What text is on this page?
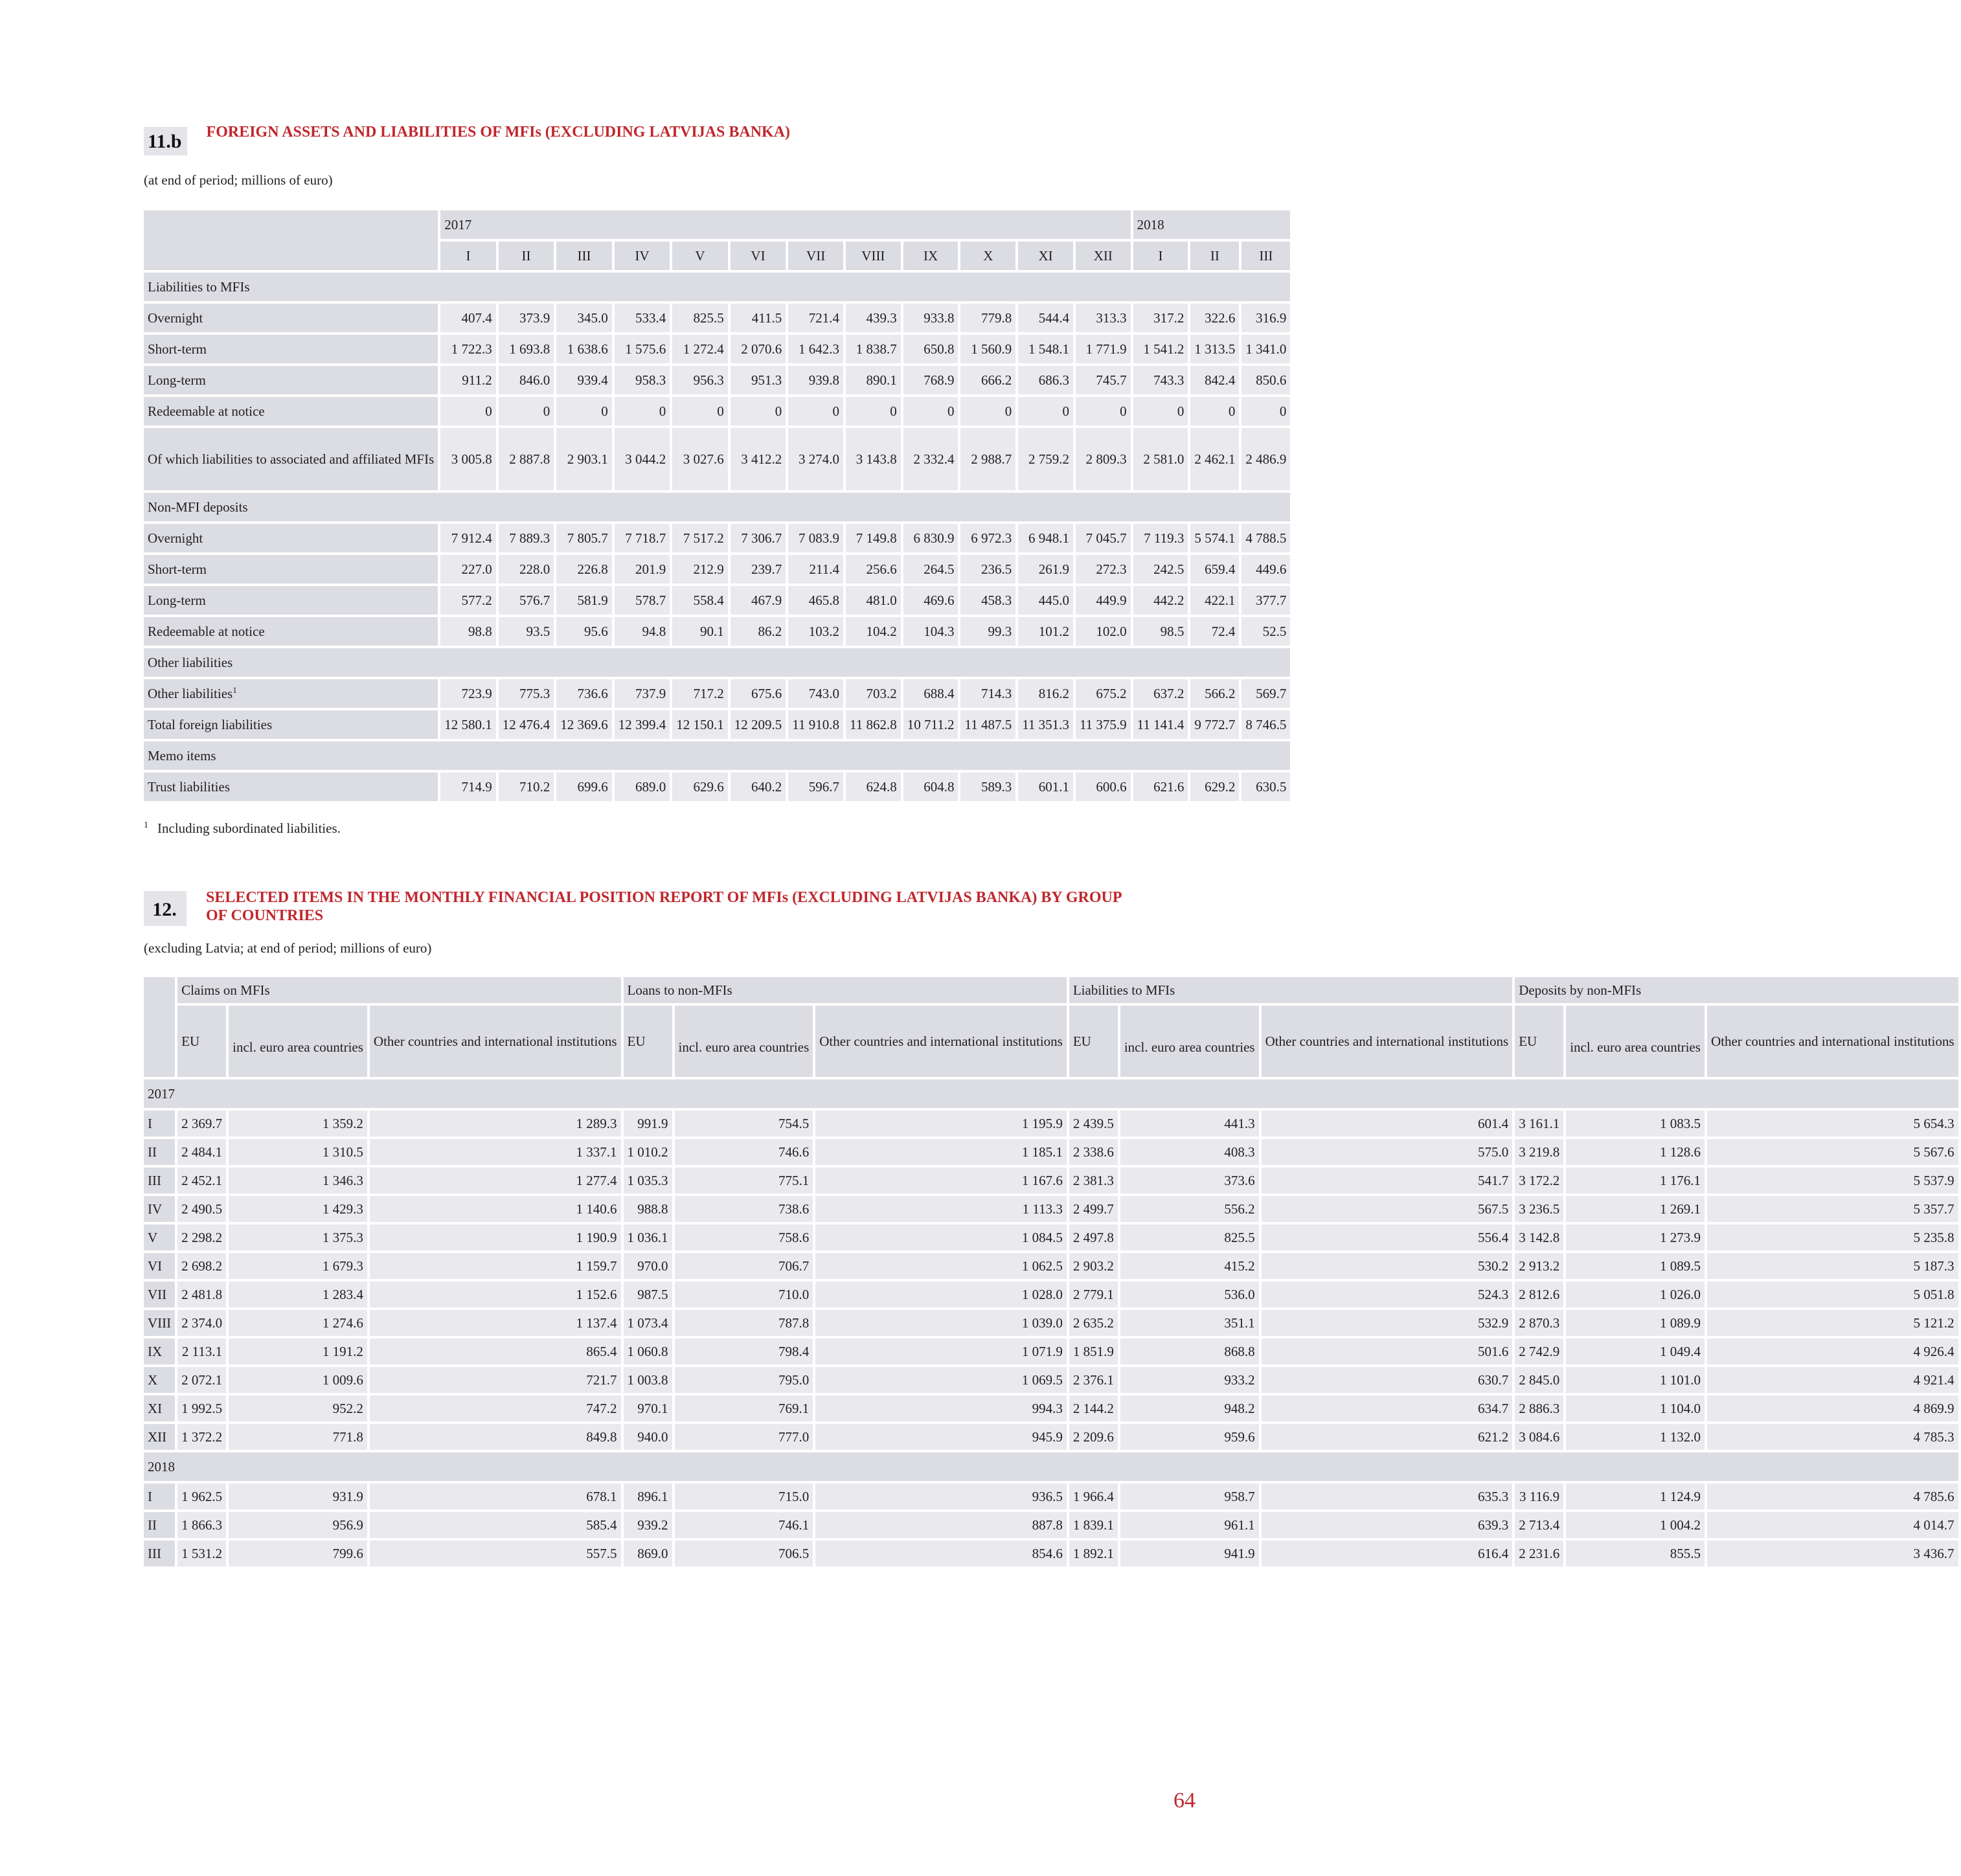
11.b	FOREIGN ASSETS AND LIABILITIES OF MFIs (EXCLUDING LATVIJAS BANKA)
(at end of period; millions of euro)
	2017												2018		
	I	II	III	IV	V	VI	VII	VIII	IX	X	XI	XII	I	II	III
Liabilities to MFIs															
Overnight	407.4	373.9	345.0	533.4	825.5	411.5	721.4	439.3	933.8	779.8	544.4	313.3	317.2	322.6	316.9
Short-term	1 722.3	1 693.8	1 638.6	1 575.6	1 272.4	2 070.6	1 642.3	1 838.7	650.8	1 560.9	1 548.1	1 771.9	1 541.2	1 313.5	1 341.0
Long-term	911.2	846.0	939.4	958.3	956.3	951.3	939.8	890.1	768.9	666.2	686.3	745.7	743.3	842.4	850.6
Redeemable at notice	0	0	0	0	0	0	0	0	0	0	0	0	0	0	0
Of which liabilities to associated and affiliated MFIs	3 005.8	2 887.8	2 903.1	3 044.2	3 027.6	3 412.2	3 274.0	3 143.8	2 332.4	2 988.7	2 759.2	2 809.3	2 581.0	2 462.1	2 486.9
Non-MFI deposits															
Overnight	7 912.4	7 889.3	7 805.7	7 718.7	7 517.2	7 306.7	7 083.9	7 149.8	6 830.9	6 972.3	6 948.1	7 045.7	7 119.3	5 574.1	4 788.5
Short-term	227.0	228.0	226.8	201.9	212.9	239.7	211.4	256.6	264.5	236.5	261.9	272.3	242.5	659.4	449.6
Long-term	577.2	576.7	581.9	578.7	558.4	467.9	465.8	481.0	469.6	458.3	445.0	449.9	442.2	422.1	377.7
Redeemable at notice	98.8	93.5	95.6	94.8	90.1	86.2	103.2	104.2	104.3	99.3	101.2	102.0	98.5	72.4	52.5
Other liabilities															
Other liabilities$^1$	723.9	775.3	736.6	737.9	717.2	675.6	743.0	703.2	688.4	714.3	816.2	675.2	637.2	566.2	569.7
Total foreign liabilities	12 580.1	12 476.4	12 369.6	12 399.4	12 150.1	12 209.5	11 910.8	11 862.8	10 711.2	11 487.5	11 351.3	11 375.9	11 141.4	9 772.7	8 746.5
Memo items															
Trust liabilities	714.9	710.2	699.6	689.0	629.6	640.2	596.7	624.8	604.8	589.3	601.1	600.6	621.6	629.2	630.5
$^1$ Including subordinated liabilities.
12.
SELECTED ITEMS IN THE MONTHLY FINANCIAL POSITION REPORT OF MFIs (EXCLUDING LATVIJAS BANKA) BY GROUP OF COUNTRIES
(excluding Latvia; at end of period; millions of euro)
	Claims on MFIs			Loans to non-MFIs			Liabilities to MFIs			Deposits by non-MFIs		
	EU	incl. euro area countries	Other countries and international institutions	EU	incl. euro area countries	Other countries and international institutions	EU	incl. euro area countries	Other countries and international institutions	EU	incl. euro area countries	Other countries and international institutions
2017												
I	2 369.7	1 359.2	1 289.3	991.9	754.5	1 195.9	2 439.5	441.3	601.4	3 161.1	1 083.5	5 654.3
II	2 484.1	1 310.5	1 337.1	1 010.2	746.6	1 185.1	2 338.6	408.3	575.0	3 219.8	1 128.6	5 567.6
III	2 452.1	1 346.3	1 277.4	1 035.3	775.1	1 167.6	2 381.3	373.6	541.7	3 172.2	1 176.1	5 537.9
IV	2 490.5	1 429.3	1 140.6	988.8	738.6	1 113.3	2 499.7	556.2	567.5	3 236.5	1 269.1	5 357.7
V	2 298.2	1 375.3	1 190.9	1 036.1	758.6	1 084.5	2 497.8	825.5	556.4	3 142.8	1 273.9	5 235.8
VI	2 698.2	1 679.3	1 159.7	970.0	706.7	1 062.5	2 903.2	415.2	530.2	2 913.2	1 089.5	5 187.3
VII	2 481.8	1 283.4	1 152.6	987.5	710.0	1 028.0	2 779.1	536.0	524.3	2 812.6	1 026.0	5 051.8
VIII	2 374.0	1 274.6	1 137.4	1 073.4	787.8	1 039.0	2 635.2	351.1	532.9	2 870.3	1 089.9	5 121.2
IX	2 113.1	1 191.2	865.4	1 060.8	798.4	1 071.9	1 851.9	868.8	501.6	2 742.9	1 049.4	4 926.4
X	2 072.1	1 009.6	721.7	1 003.8	795.0	1 069.5	2 376.1	933.2	630.7	2 845.0	1 101.0	4 921.4
XI	1 992.5	952.2	747.2	970.1	769.1	994.3	2 144.2	948.2	634.7	2 886.3	1 104.0	4 869.9
XII	1 372.2	771.8	849.8	940.0	777.0	945.9	2 209.6	959.6	621.2	3 084.6	1 132.0	4 785.3
2018												
I	1 962.5	931.9	678.1	896.1	715.0	936.5	1 966.4	958.7	635.3	3 116.9	1 124.9	4 785.6
II	1 866.3	956.9	585.4	939.2	746.1	887.8	1 839.1	961.1	639.3	2 713.4	1 004.2	4 014.7
III	1 531.2	799.6	557.5	869.0	706.5	854.6	1 892.1	941.9	616.4	2 231.6	855.5	3 436.7
64
